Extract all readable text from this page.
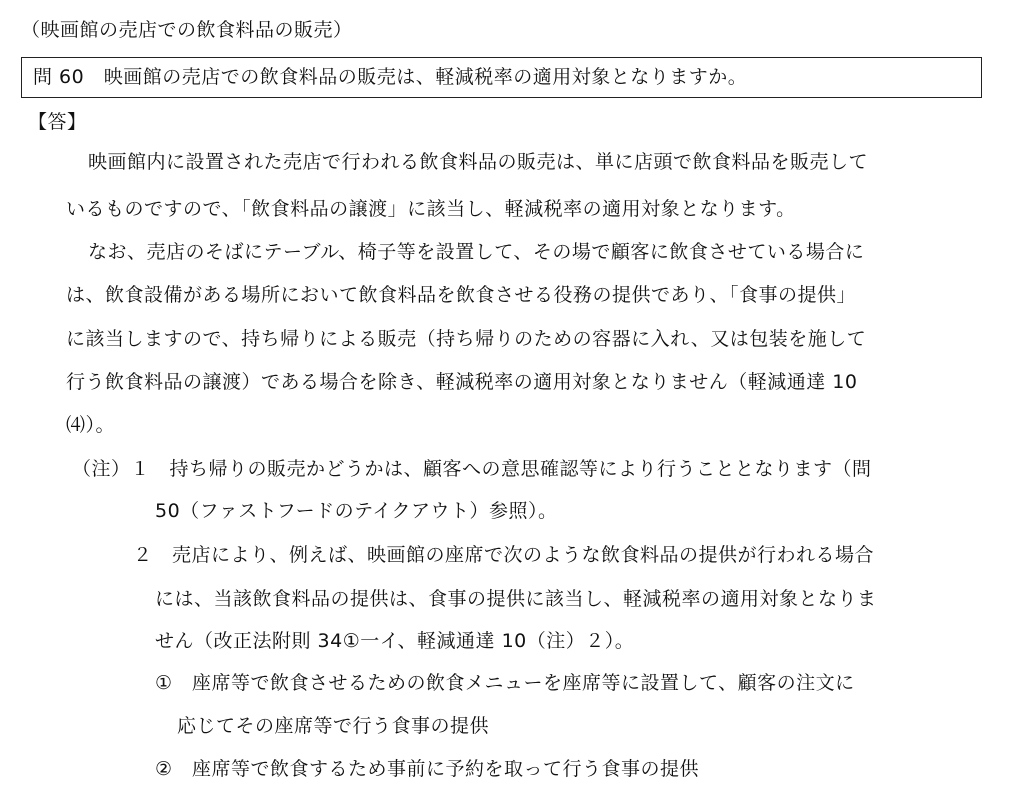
（映画館の売店での飲食料品の販売）
問 60　映画館の売店での飲食料品の販売は、軽減税率の適用対象となりますか。
【答】
映画館内に設置された売店で行われる飲食料品の販売は、単に店頭で飲食料品を販売して
いるものですので、「飲食料品の譲渡」に該当し、軽減税率の適用対象となります。
なお、売店のそばにテーブル、椅子等を設置して、その場で顧客に飲食させている場合に
は、飲食設備がある場所において飲食料品を飲食させる役務の提供であり、「食事の提供」
に該当しますので、持ち帰りによる販売（持ち帰りのための容器に入れ、又は包装を施して
行う飲食料品の譲渡）である場合を除き、軽減税率の適用対象となりません（軽減通達 10
⑷）。
（注）１　持ち帰りの販売かどうかは、顧客への意思確認等により行うこととなります（問
50（ファストフードのテイクアウト）参照）。
２　売店により、例えば、映画館の座席で次のような飲食料品の提供が行われる場合
には、当該飲食料品の提供は、食事の提供に該当し、軽減税率の適用対象となりま
せん（改正法附則 34①一イ、軽減通達 10（注）２）。
①　座席等で飲食させるための飲食メニューを座席等に設置して、顧客の注文に
応じてその座席等で行う食事の提供
②　座席等で飲食するため事前に予約を取って行う食事の提供
